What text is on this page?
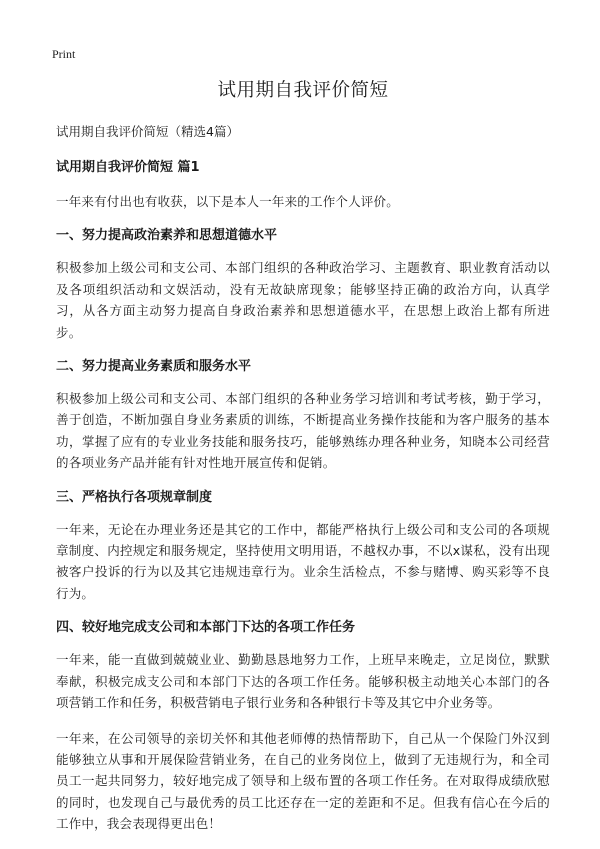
Print
试用期自我评价简短

试用期自我评价简短（精选4篇）

试用期自我评价简短 篇1

一年来有付出也有收获，以下是本人一年来的工作个人评价。

一、努力提高政治素养和思想道德水平

积极参加上级公司和支公司、本部门组织的各种政治学习、主题教育、职业教育活动以及各项组织活动和文娱活动，没有无故缺席现象；能够坚持正确的政治方向，认真学习，从各方面主动努力提高自身政治素养和思想道德水平，在思想上政治上都有所进步。

二、努力提高业务素质和服务水平

积极参加上级公司和支公司、本部门组织的各种业务学习培训和考试考核，勤于学习，善于创造，不断加强自身业务素质的训练，不断提高业务操作技能和为客户服务的基本功，掌握了应有的专业业务技能和服务技巧，能够熟练办理各种业务，知晓本公司经营的各项业务产品并能有针对性地开展宣传和促销。

三、严格执行各项规章制度

一年来，无论在办理业务还是其它的工作中，都能严格执行上级公司和支公司的各项规章制度、内控规定和服务规定，坚持使用文明用语，不越权办事，不以x谋私，没有出现被客户投诉的行为以及其它违规违章行为。业余生活检点，不参与赌博、购买彩等不良行为。

四、较好地完成支公司和本部门下达的各项工作任务

一年来，能一直做到兢兢业业、勤勤恳恳地努力工作，上班早来晚走，立足岗位，默默奉献，积极完成支公司和本部门下达的各项工作任务。能够积极主动地关心本部门的各项营销工作和任务，积极营销电子银行业务和各种银行卡等及其它中介业务等。

一年来，在公司领导的亲切关怀和其他老师傅的热情帮助下，自己从一个保险门外汉到能够独立从事和开展保险营销业务，在自己的业务岗位上，做到了无违规行为，和全司员工一起共同努力，较好地完成了领导和上级布置的各项工作任务。在对取得成绩欣慰的同时，也发现自己与最优秀的员工比还存在一定的差距和不足。但我有信心在今后的工作中，我会表现得更出色！
